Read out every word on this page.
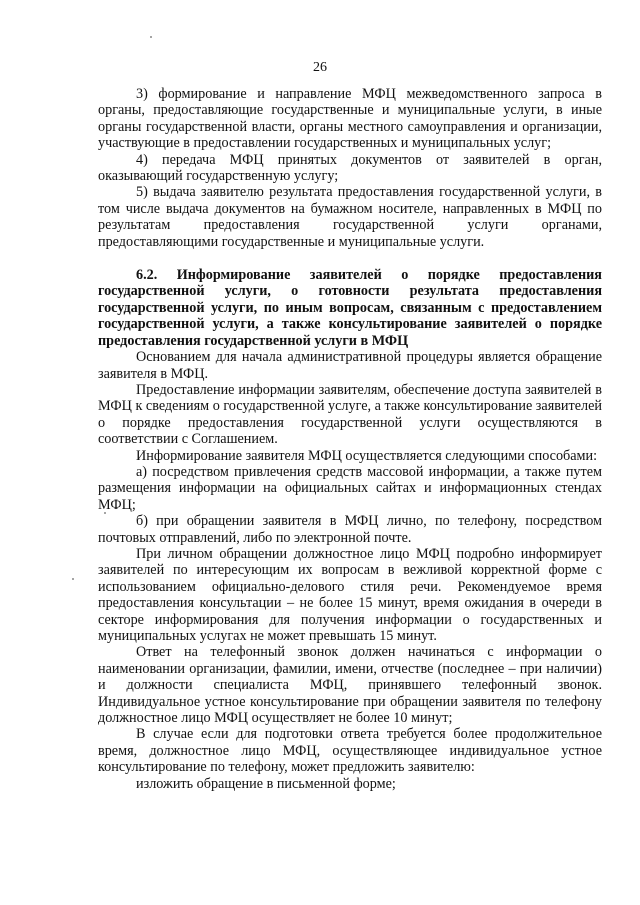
26

3) формирование и направление МФЦ межведомственного запроса в органы, предоставляющие государственные и муниципальные услуги, в иные органы государственной власти, органы местного самоуправления и организации, участвующие в предоставлении государственных и муниципальных услуг;

4) передача МФЦ принятых документов от заявителей в орган, оказывающий государственную услугу;

5) выдача заявителю результата предоставления государственной услуги, в том числе выдача документов на бумажном носителе, направленных в МФЦ по результатам предоставления государственной услуги органами, предоставляющими государственные и муниципальные услуги.

6.2. Информирование заявителей о порядке предоставления государственной услуги, о готовности результата предоставления государственной услуги, по иным вопросам, связанным с предоставлением государственной услуги, а также консультирование заявителей о порядке предоставления государственной услуги в МФЦ

Основанием для начала административной процедуры является обращение заявителя в МФЦ.

Предоставление информации заявителям, обеспечение доступа заявителей в МФЦ к сведениям о государственной услуге, а также консультирование заявителей о порядке предоставления государственной услуги осуществляются в соответствии с Соглашением.

Информирование заявителя МФЦ осуществляется следующими способами:

а) посредством привлечения средств массовой информации, а также путем размещения информации на официальных сайтах и информационных стендах МФЦ;

б) при обращении заявителя в МФЦ лично, по телефону, посредством почтовых отправлений, либо по электронной почте.

При личном обращении должностное лицо МФЦ подробно информирует заявителей по интересующим их вопросам в вежливой корректной форме с использованием официально-делового стиля речи. Рекомендуемое время предоставления консультации – не более 15 минут, время ожидания в очереди в секторе информирования для получения информации о государственных и муниципальных услугах не может превышать 15 минут.

Ответ на телефонный звонок должен начинаться с информации о наименовании организации, фамилии, имени, отчестве (последнее – при наличии) и должности специалиста МФЦ, принявшего телефонный звонок. Индивидуальное устное консультирование при обращении заявителя по телефону должностное лицо МФЦ осуществляет не более 10 минут;

В случае если для подготовки ответа требуется более продолжительное время, должностное лицо МФЦ, осуществляющее индивидуальное устное консультирование по телефону, может предложить заявителю:

изложить обращение в письменной форме;
